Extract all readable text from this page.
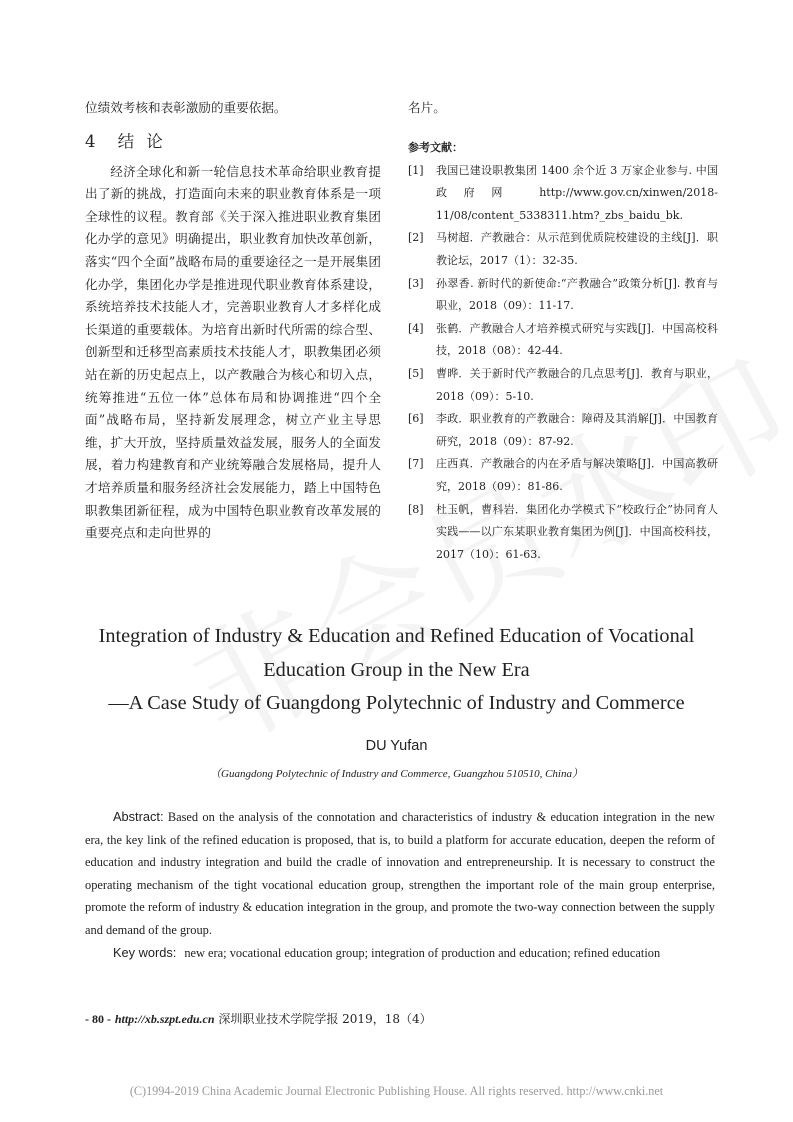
位绩效考核和表彰激励的重要依据。

4 结论

经济全球化和新一轮信息技术革命给职业教育提出了新的挑战，打造面向未来的职业教育体系是一项全球性的议程。教育部《关于深入推进职业教育集团化办学的意见》明确提出，职业教育加快改革创新，落实“四个全面”战略布局的重要途径之一是开展集团化办学，集团化办学是推进现代职业教育体系建设，系统培养技术技能人才，完善职业教育人才多样化成长渠道的重要载体。为培育出新时代所需的综合型、创新型和迁移型高素质技术技能人才，职教集团必须站在新的历史起点上，以产教融合为核心和切入点，统筹推进“五位一体”总体布局和协调推进“四个全面”战略布局，坚持新发展理念，树立产业主导思维，扩大开放，坚持质量效益发展，服务人的全面发展，着力构建教育和产业统筹融合发展格局，提升人才培养质量和服务经济社会发展能力，踏上中国特色职教集团新征程，成为中国特色职业教育改革发展的重要亮点和走向世界的

名片。

参考文献：
[1] 我国已建设职教集团 1400 余个近 3 万家企业参与. 中国政府网 http://www.gov.cn/xinwen/2018-11/08/content_5338311.htm?_zbs_baidu_bk.
[2] 马树超．产教融合：从示范到优质院校建设的主线[J]．职教论坛，2017（1）：32-35.
[3] 孙翠香. 新时代的新使命:“产教融合”政策分析[J]. 教育与职业，2018（09）：11-17.
[4] 张鹤．产教融合人才培养模式研究与实践[J]．中国高校科技，2018（08）：42-44.
[5] 曹晔．关于新时代产教融合的几点思考[J]．教育与职业，2018（09）：5-10.
[6] 李政．职业教育的产教融合：障碍及其消解[J]．中国教育研究，2018（09）：87-92.
[7] 庄西真．产教融合的内在矛盾与解决策略[J]．中国高教研究，2018（09）：81-86.
[8] 杜玉帆，曹科岩．集团化办学模式下“校政行企”协同育人实践——以广东某职业教育集团为例[J]．中国高校科技，2017（10）：61-63.
Integration of Industry & Education and Refined Education of Vocational
Education Group in the New Era
—A Case Study of Guangdong Polytechnic of Industry and Commerce
DU Yufan
（Guangdong Polytechnic of Industry and Commerce, Guangzhou 510510, China）
Abstract: Based on the analysis of the connotation and characteristics of industry & education integration in the new era, the key link of the refined education is proposed, that is, to build a platform for accurate education, deepen the reform of education and industry integration and build the cradle of innovation and entrepreneurship. It is necessary to construct the operating mechanism of the tight vocational education group, strengthen the important role of the main group enterprise, promote the reform of industry & education integration in the group, and promote the two-way connection between the supply and demand of the group.
Key words: new era; vocational education group; integration of production and education; refined education
- 80 - http://xb.szpt.edu.cn 深圳职业技术学院学报 2019，18（4）
(C)1994-2019 China Academic Journal Electronic Publishing House. All rights reserved. http://www.cnki.net
